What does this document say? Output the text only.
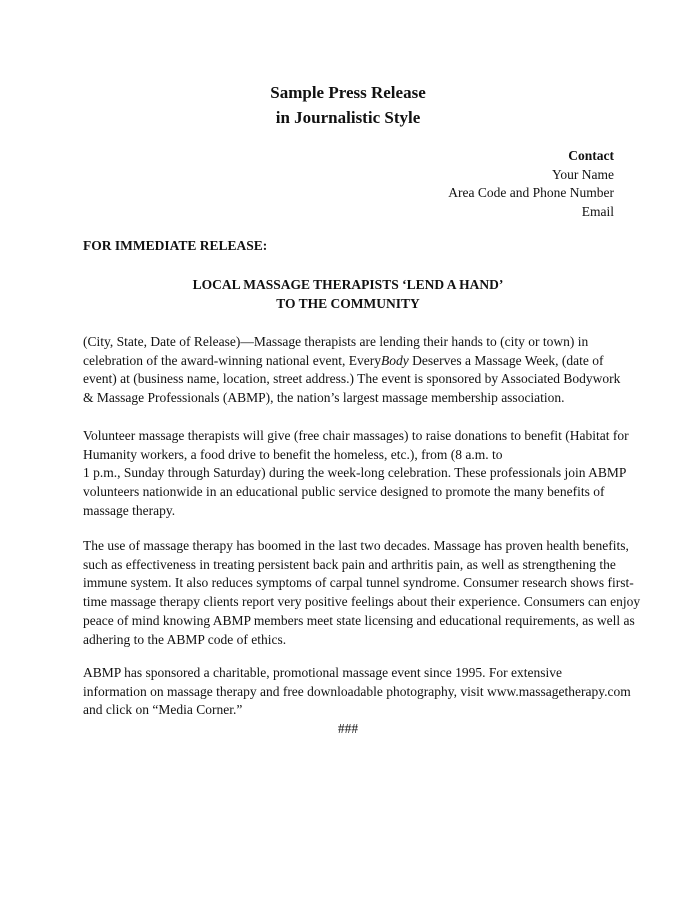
Sample Press Release
in Journalistic Style
Contact
Your Name
Area Code and Phone Number
Email
FOR IMMEDIATE RELEASE:
LOCAL MASSAGE THERAPISTS ‘LEND A HAND’
TO THE COMMUNITY
(City, State, Date of Release)—Massage therapists are lending their hands to (city or town) in
celebration of the award-winning national event, EveryBody Deserves a Massage Week, (date of
event) at (business name, location, street address.) The event is sponsored by Associated Bodywork
& Massage Professionals (ABMP), the nation’s largest massage membership association.
Volunteer massage therapists will give (free chair massages) to raise donations to benefit (Habitat for
Humanity workers, a food drive to benefit the homeless, etc.), from (8 a.m. to
1 p.m., Sunday through Saturday) during the week-long celebration. These professionals join ABMP
volunteers nationwide in an educational public service designed to promote the many benefits of
massage therapy.
The use of massage therapy has boomed in the last two decades. Massage has proven health benefits,
such as effectiveness in treating persistent back pain and arthritis pain, as well as strengthening the
immune system. It also reduces symptoms of carpal tunnel syndrome. Consumer research shows first-
time massage therapy clients report very positive feelings about their experience. Consumers can enjoy
peace of mind knowing ABMP members meet state licensing and educational requirements, as well as
adhering to the ABMP code of ethics.
ABMP has sponsored a charitable, promotional massage event since 1995. For extensive
information on massage therapy and free downloadable photography, visit www.massagetherapy.com
and click on “Media Corner.”
###
